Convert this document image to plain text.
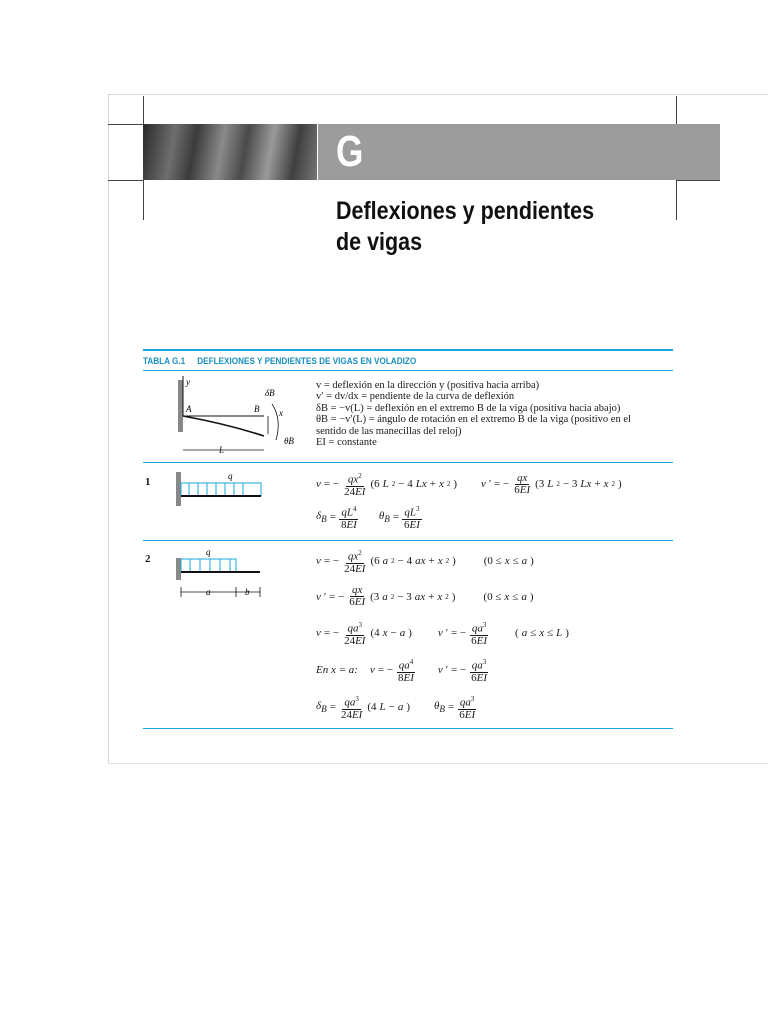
G
Deflexiones y pendientes
de vigas
TABLA G.1 DEFLEXIONES Y PENDIENTES DE VIGAS EN VOLADIZO
y
A	B
δB
x
θB
L
v = deflexión en la dirección y (positiva hacia arriba)
v′ = dv/dx = pendiente de la curva de deflexión
δB = −v(L) = deflexión en el extremo B de la viga (positiva hacia abajo)
θB = −v′(L) = ángulo de rotación en el extremo B de la viga (positivo en el
sentido de las manecillas del reloj)
EI = constante
1	q
v = − $\frac{qx^2}{24EI} (6$ L 2 − 4 Lx + x 2 ) v ′ = − $\frac{qx}{6EI} (3$ L 2 − 3 Lx + x 2 )
$\delta_B = \frac{qL^4}{8EI} \theta_B = \frac{qL^3}{6EI}$
2
q
a	b
v = − $\frac{qx^2}{24EI} (6$ a 2 − 4 ax + x 2 )	(0 ≤ x ≤ a )
v ′ = − $\frac{qx}{6EI} (3$ a 2 − 3 ax + x 2 )	(0 ≤ x ≤ a )
v = − $\frac{qa^3}{24EI} (4$ x − a ) v ′ = − $\frac{qa^3}{6EI}$ ( a ≤ x ≤ L )
En x = a: v = − $\frac{qa^4}{8EI}$ v ′ = − $\frac{qa^3}{6EI}$
$\delta_B = \frac{qa^3}{24EI} (4$ L − a ) $\theta_B = \frac{qa^3}{6EI}$
